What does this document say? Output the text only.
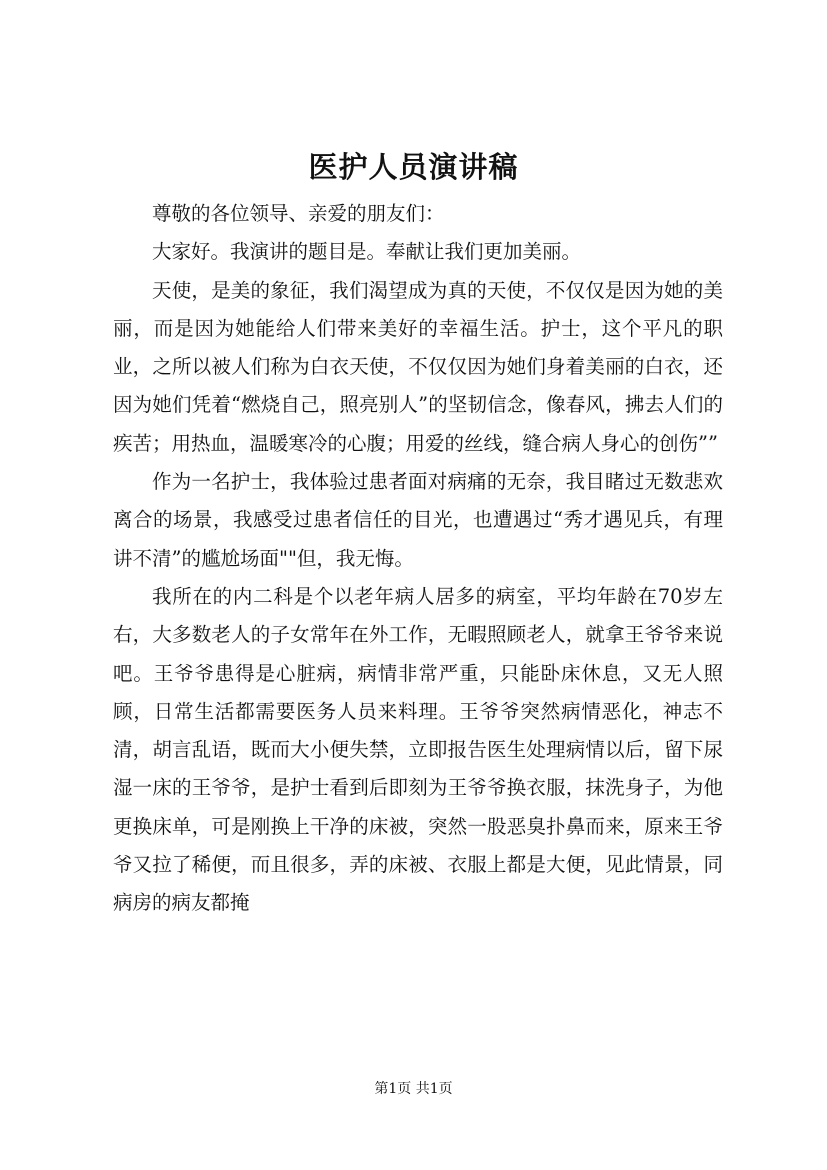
医护人员演讲稿

尊敬的各位领导、亲爱的朋友们：

大家好。我演讲的题目是。奉献让我们更加美丽。

天使，是美的象征，我们渴望成为真的天使，不仅仅是因为她的美丽，而是因为她能给人们带来美好的幸福生活。护士，这个平凡的职业，之所以被人们称为白衣天使，不仅仅因为她们身着美丽的白衣，还因为她们凭着“燃烧自己，照亮别人”的坚韧信念，像春风，拂去人们的疾苦；用热血，温暖寒冷的心腹；用爱的丝线，缝合病人身心的创伤””

作为一名护士，我体验过患者面对病痛的无奈，我目睹过无数悲欢离合的场景，我感受过患者信任的目光，也遭遇过“秀才遇见兵，有理讲不清”的尴尬场面""但，我无悔。

我所在的内二科是个以老年病人居多的病室，平均年龄在70岁左右，大多数老人的子女常年在外工作，无暇照顾老人，就拿王爷爷来说吧。王爷爷患得是心脏病，病情非常严重，只能卧床休息，又无人照顾，日常生活都需要医务人员来料理。王爷爷突然病情恶化，神志不清，胡言乱语，既而大小便失禁，立即报告医生处理病情以后，留下尿湿一床的王爷爷，是护士看到后即刻为王爷爷换衣服，抹洗身子，为他更换床单，可是刚换上干净的床被，突然一股恶臭扑鼻而来，原来王爷爷又拉了稀便，而且很多，弄的床被、衣服上都是大便，见此情景，同病房的病友都掩

第1页 共1页
